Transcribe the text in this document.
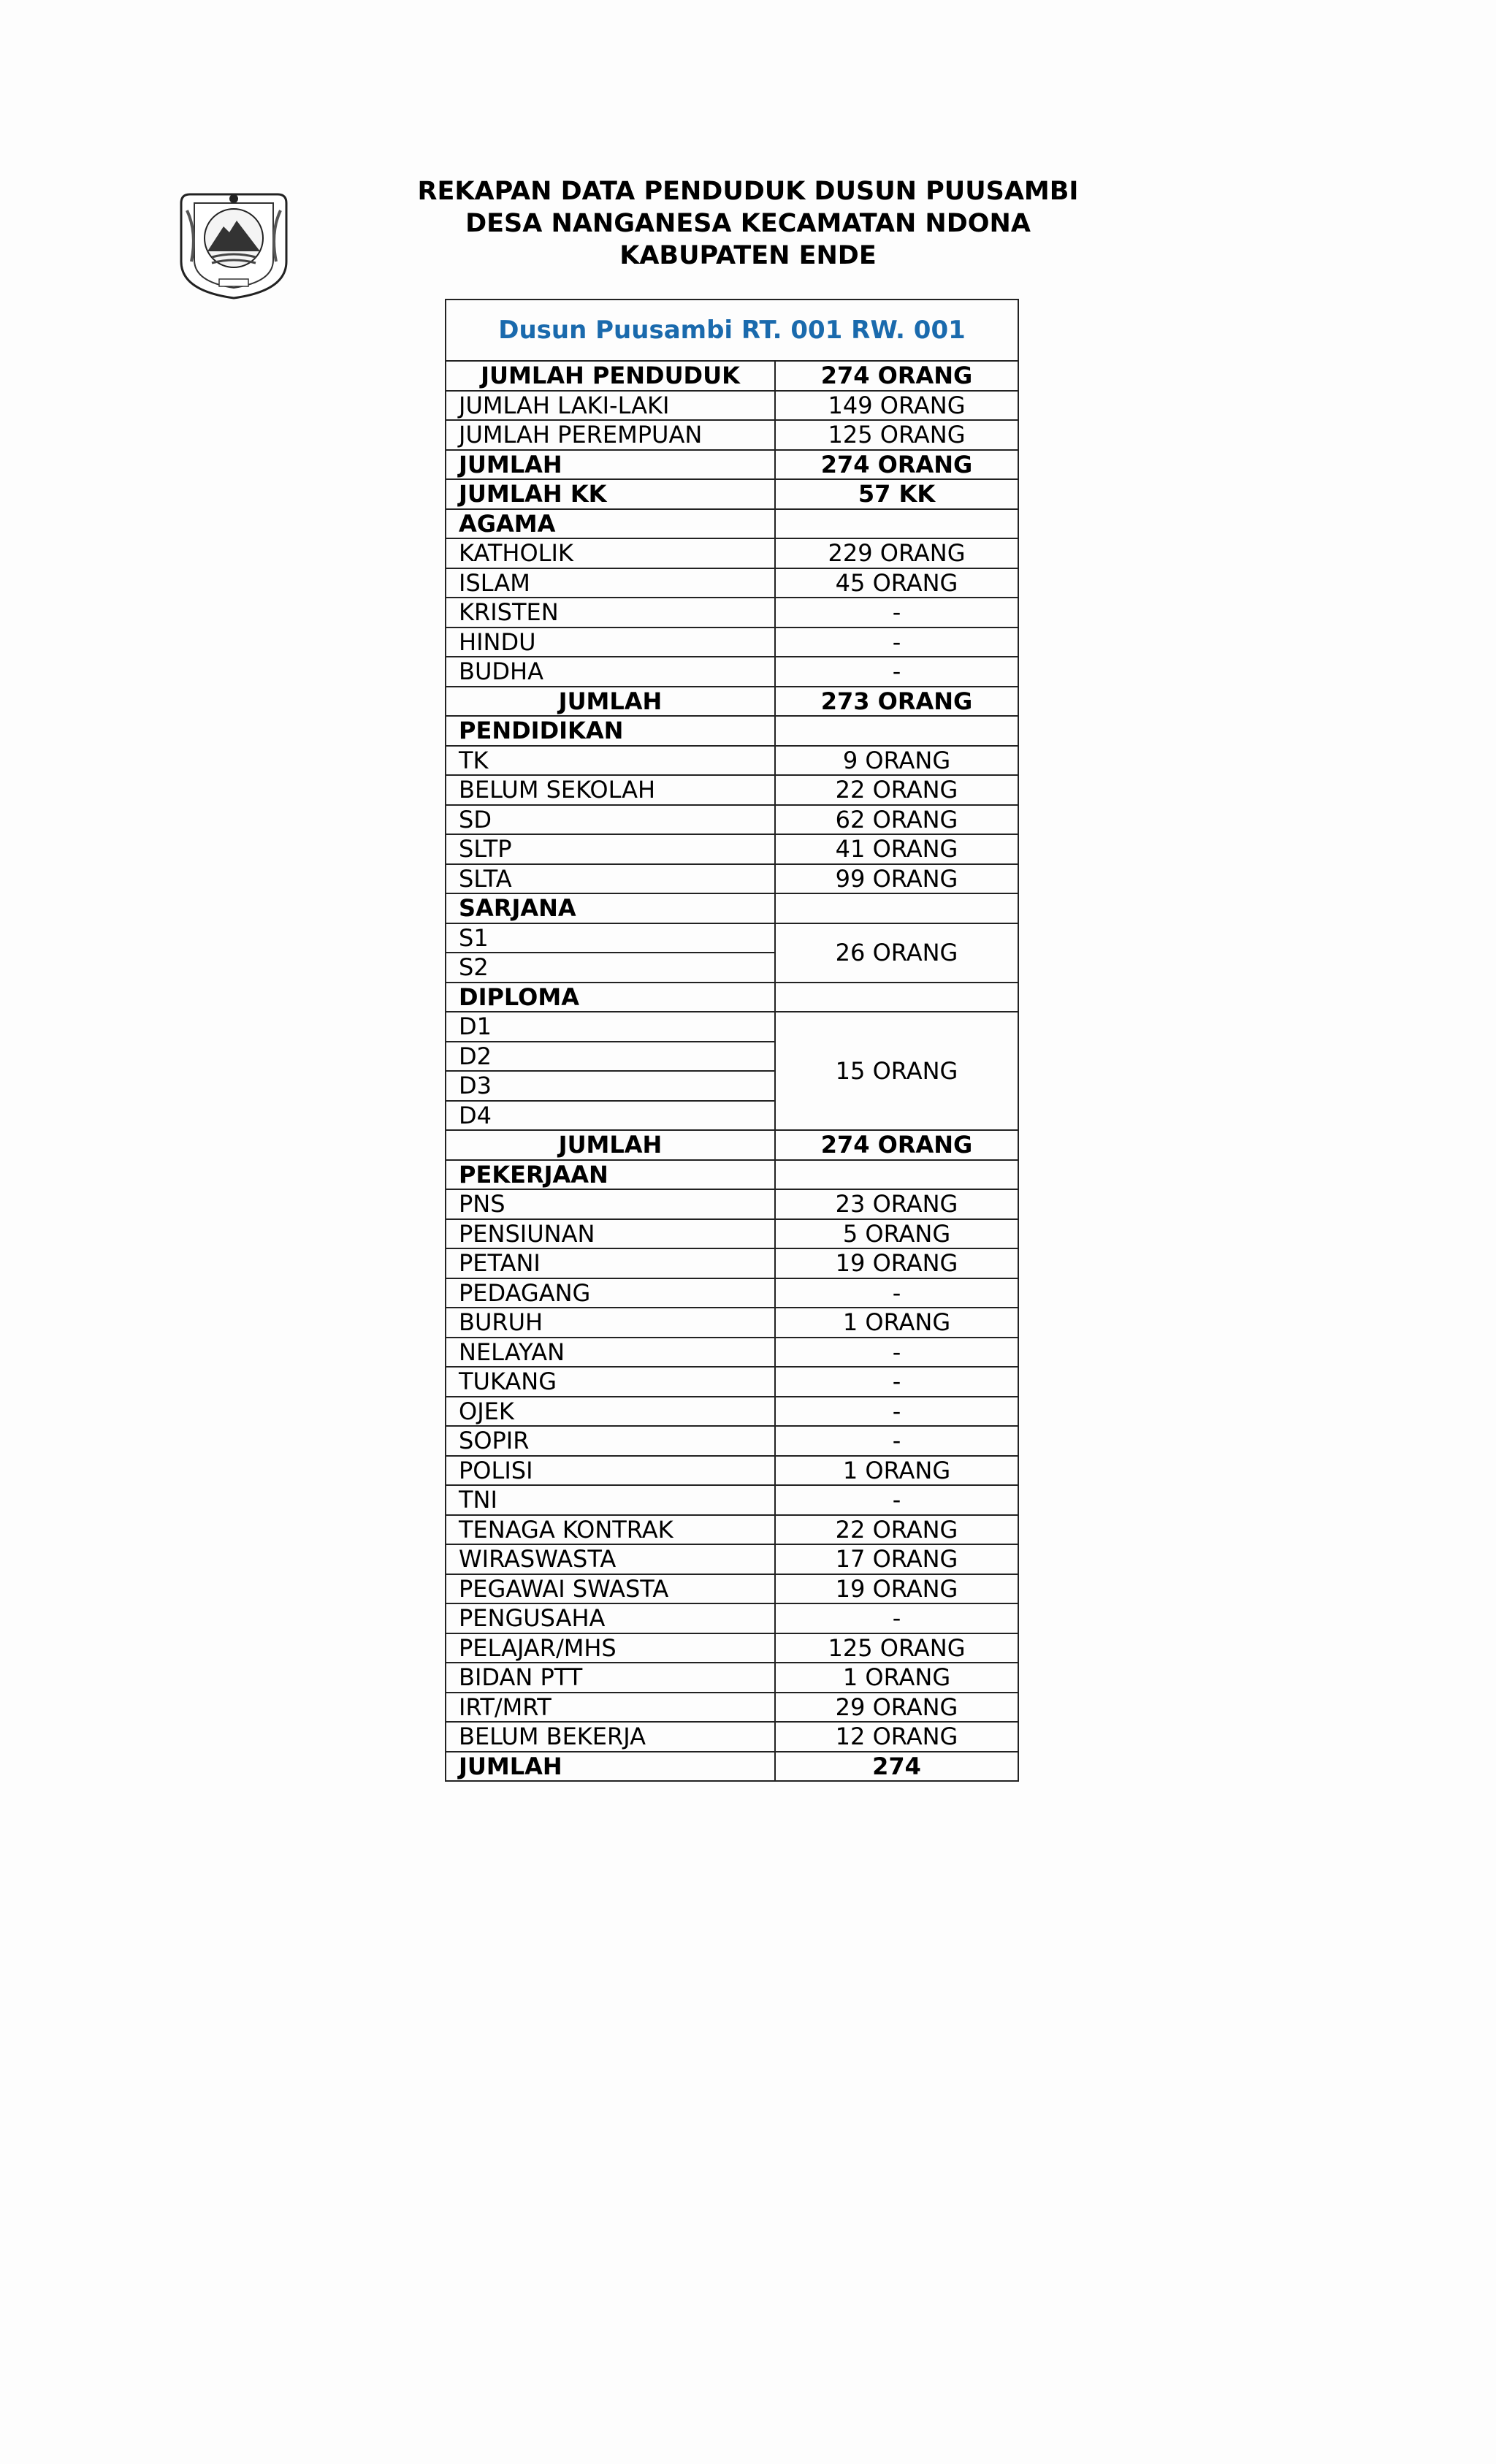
REKAPAN DATA PENDUDUK DUSUN PUUSAMBI
DESA NANGANESA KECAMATAN NDONA
KABUPATEN ENDE
Dusun Puusambi RT. 001 RW. 001	
JUMLAH PENDUDUK	274 ORANG
JUMLAH LAKI-LAKI	149 ORANG
JUMLAH PEREMPUAN	125 ORANG
JUMLAH	274 ORANG
JUMLAH KK	57 KK
AGAMA	
KATHOLIK	229 ORANG
ISLAM	45 ORANG
KRISTEN	-
HINDU	-
BUDHA	-
JUMLAH	273 ORANG
PENDIDIKAN	
TK	9 ORANG
BELUM SEKOLAH	22 ORANG
SD	62 ORANG
SLTP	41 ORANG
SLTA	99 ORANG
SARJANA	
S1	26 ORANG
S2	
DIPLOMA	
D1	15 ORANG
D2	
D3	
D4	
JUMLAH	274 ORANG
PEKERJAAN	
PNS	23 ORANG
PENSIUNAN	5 ORANG
PETANI	19 ORANG
PEDAGANG	-
BURUH	1 ORANG
NELAYAN	-
TUKANG	-
OJEK	-
SOPIR	-
POLISI	1 ORANG
TNI	-
TENAGA KONTRAK	22 ORANG
WIRASWASTA	17 ORANG
PEGAWAI SWASTA	19 ORANG
PENGUSAHA	-
PELAJAR/MHS	125 ORANG
BIDAN PTT	1 ORANG
IRT/MRT	29 ORANG
BELUM BEKERJA	12 ORANG
JUMLAH	274
